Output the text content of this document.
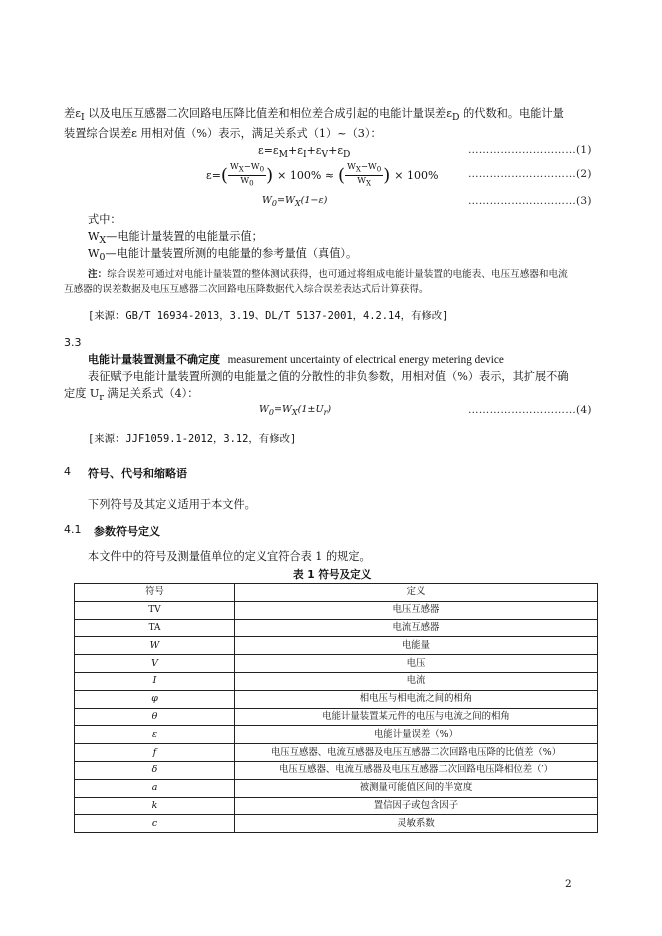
差$\varepsilon_I$ 以及电压互感器二次回路电压降比值差和相位差合成引起的电能计量误差$\varepsilon_D$ 的代数和。电能计量
装置综合误差ε 用相对值（%）表示，满足关系式（1）~（3）：
$\varepsilon=\varepsilon_M+\varepsilon_I+\varepsilon_V+\varepsilon_D$	…………………………(1)
ε= ( $\frac{W_X-W_0}{W_0}$ ) × 100% ≈ ( $\frac{W_X-W_0}{W_X}$ ) × 100%	…………………………(2)
$W_0=W_X(1-\varepsilon)$	…………………………(3)
式中：
$W_X—$电能计量装置的电能量示值；
$W_0—$电能计量装置所测的电能量的参考量值（真值）。
注：综合误差可通过对电能计量装置的整体测试获得，也可通过将组成电能计量装置的电能表、电压互感器和电流
互感器的误差数据及电压互感器二次回路电压降数据代入综合误差表达式后计算获得。
[来源：GB/T 16934-2013，3.19、DL/T 5137-2001，4.2.14，有修改]
3.3
电能计量装置测量不确定度 measurement uncertainty of electrical energy metering device
表征赋予电能计量装置所测的电能量之值的分散性的非负参数，用相对值（%）表示，其扩展不确
定度 $U_r$ 满足关系式（4）：
$W_0=W_X(1\pm U_r)$	…………………………(4)
[来源：JJF1059.1-2012，3.12，有修改]
4 符号、代号和缩略语
下列符号及其定义适用于本文件。
4.1 参数符号定义
本文件中的符号及测量值单位的定义宜符合表 1 的规定。
表 1 符号及定义
符号	定义
TV	电压互感器
TA	电流互感器
W	电能量
V	电压
I	电流
φ	相电压与相电流之间的相角
θ	电能计量装置某元件的电压与电流之间的相角
ε	电能计量误差（%）
f	电压互感器、电流互感器及电压互感器二次回路电压降的比值差（%）
δ	电压互感器、电流互感器及电压互感器二次回路电压降相位差（′）
a	被测量可能值区间的半宽度
k	置信因子或包含因子
c	灵敏系数
2
